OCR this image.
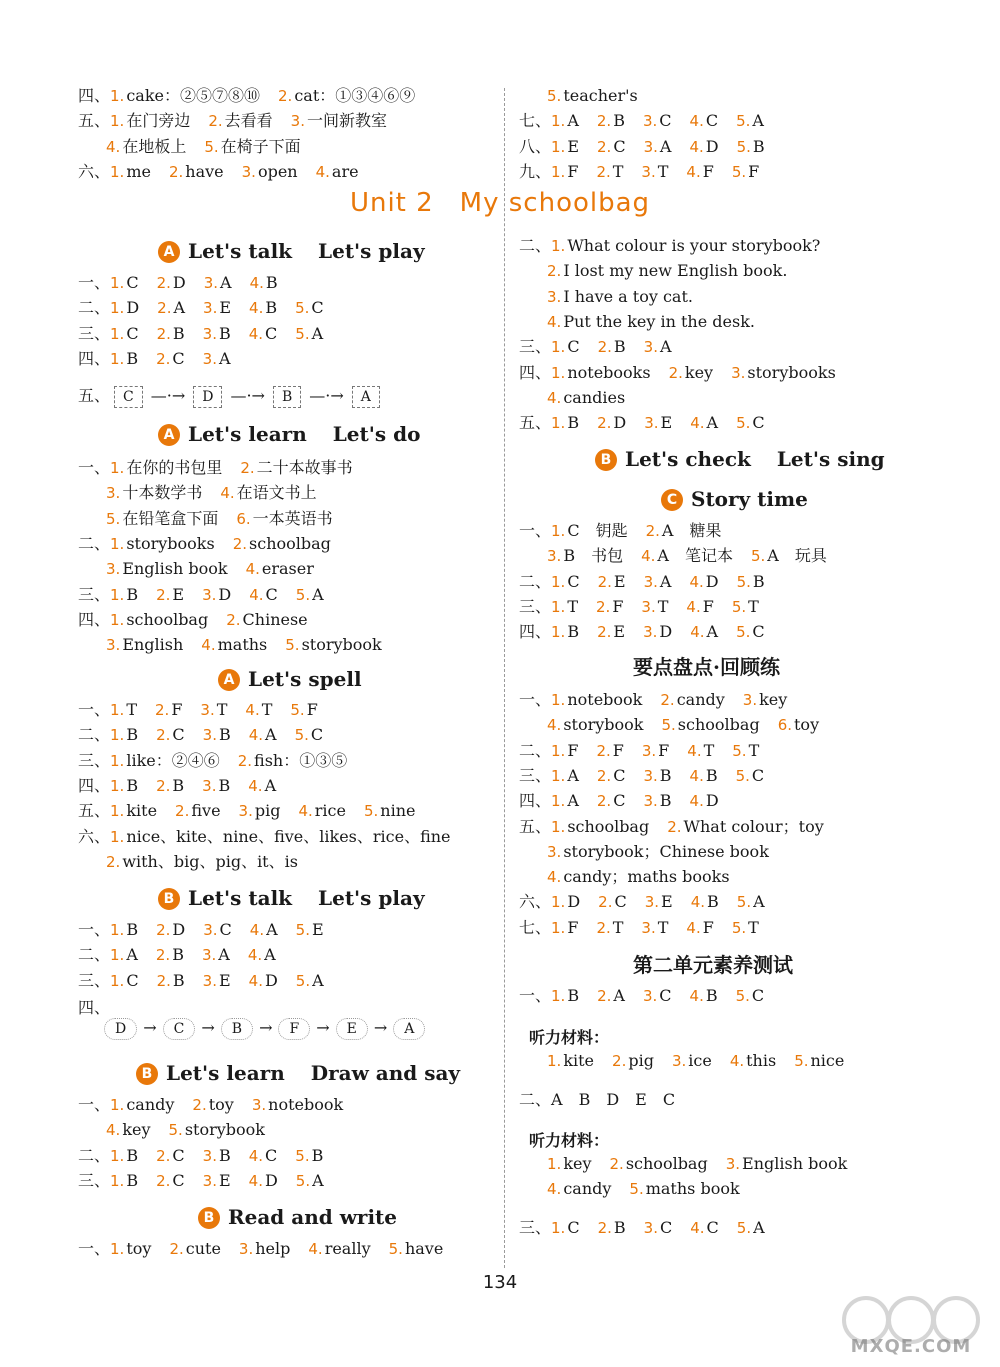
四、1. cake：②⑤⑦⑧⑩ 2. cat：①③④⑥⑨
五、1. 在门旁边 2. 去看看 3. 一间新教室
4. 在地板上 5. 在椅子下面
六、1. me 2. have 3. open 4. are
A Let's talk Let's play
一、1. C 2. D 3. A 4. B
二、1. D 2. A 3. E 4. B 5. C
三、1. C 2. B 3. B 4. C 5. A
四、1. B 2. C 3. A
五、 C —·→ D —·→ B —·→ A
A Let's learn Let's do
一、1. 在你的书包里 2. 二十本故事书
3. 十本数学书 4. 在语文书上
5. 在铅笔盒下面 6. 一本英语书
二、1. storybooks 2. schoolbag
3. English book 4. eraser
三、1. B 2. E 3. D 4. C 5. A
四、1. schoolbag 2. Chinese
3. English 4. maths 5. storybook
A Let's spell
一、1. T 2. F 3. T 4. T 5. F
二、1. B 2. C 3. B 4. A 5. C
三、1. like：②④⑥ 2. fish：①③⑤
四、1. B 2. B 3. B 4. A
五、1. kite 2. five 3. pig 4. rice 5. nine
六、1. nice、kite、nine、five、likes、rice、fine
2. with、big、pig、it、is
B Let's talk Let's play
一、1. B 2. D 3. C 4. A 5. E
二、1. A 2. B 3. A 4. A
三、1. C 2. B 3. E 4. D 5. A
四、
D → C → B → F → E → A
B Let's learn Draw and say
一、1. candy 2. toy 3. notebook
4. key 5. storybook
二、1. B 2. C 3. B 4. C 5. B
三、1. B 2. C 3. E 4. D 5. A
B Read and write
一、1. toy 2. cute 3. help 4. really 5. have
5. teacher's
七、1. A 2. B 3. C 4. C 5. A
八、1. E 2. C 3. A 4. D 5. B
九、1. F 2. T 3. T 4. F 5. F
二、1. What colour is your storybook?
2. I lost my new English book.
3. I have a toy cat.
4. Put the key in the desk.
三、1. C 2. B 3. A
四、1. notebooks 2. key 3. storybooks
4. candies
五、1. B 2. D 3. E 4. A 5. C
B Let's check Let's sing
C Story time
一、1. C　钥匙 2. A　糖果
3. B　书包 4. A　笔记本 5. A　玩具
二、1. C 2. E 3. A 4. D 5. B
三、1. T 2. F 3. T 4. F 5. T
四、1. B 2. E 3. D 4. A 5. C
要点盘点·回顾练
一、1. notebook 2. candy 3. key
4. storybook 5. schoolbag 6. toy
二、1. F 2. F 3. F 4. T 5. T
三、1. A 2. C 3. B 4. B 5. C
四、1. A 2. C 3. B 4. D
五、1. schoolbag 2. What colour；toy
3. storybook；Chinese book
4. candy；maths books
六、1. D 2. C 3. E 4. B 5. A
七、1. F 2. T 3. T 4. F 5. T
第二单元素养测试
一、1. B 2. A 3. C 4. B 5. C
听力材料：
1. kite 2. pig 3. ice 4. this 5. nice
二、A　B　D　E　C
听力材料：
1. key 2. schoolbag 3. English book
4. candy 5. maths book
三、1. C 2. B 3. C 4. C 5. A
Unit 2 My schoolbag
134
MXQE.COM
